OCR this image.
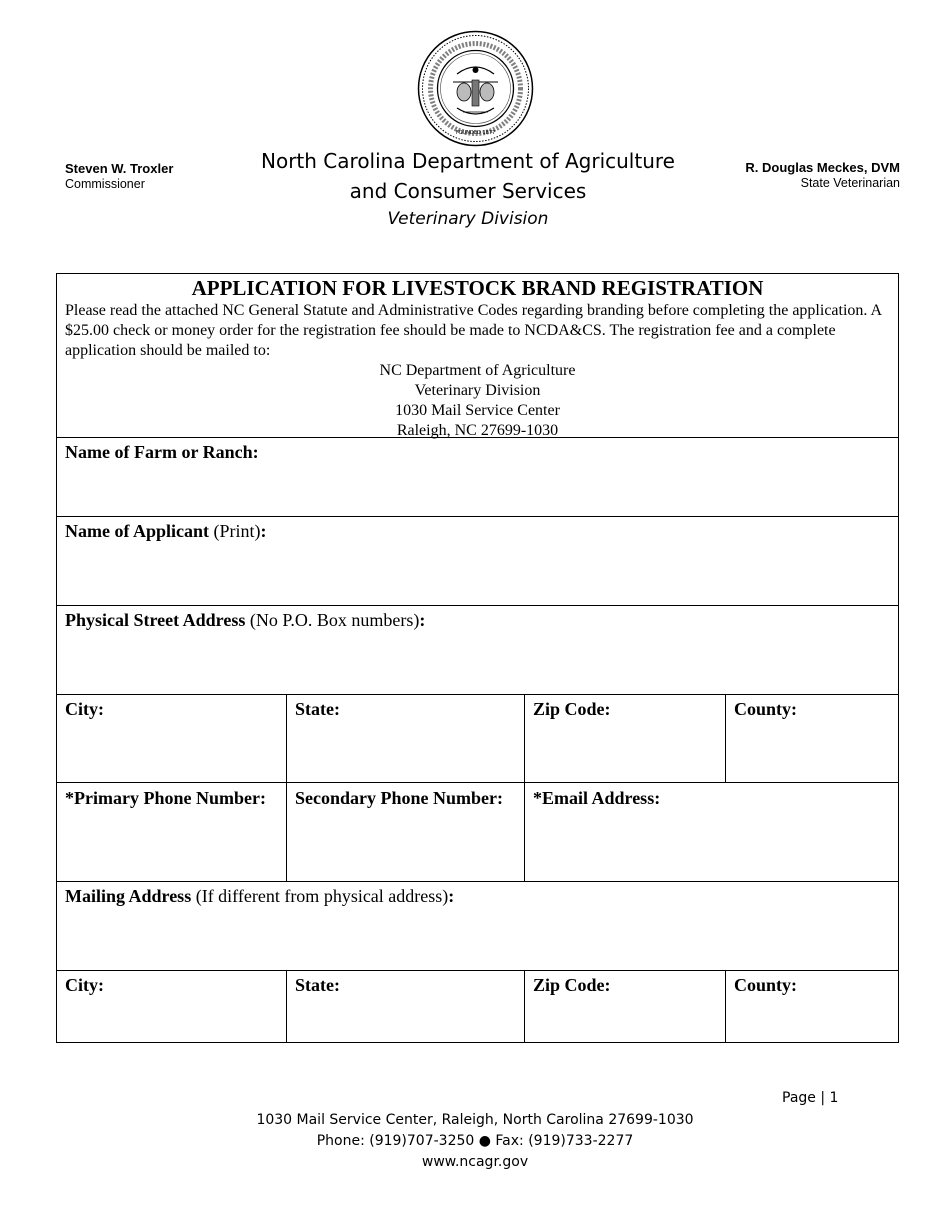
FOUNDED 1877
Steven W. Troxler
Commissioner
North Carolina Department of Agriculture
and Consumer Services
Veterinary Division
R. Douglas Meckes, DVM
State Veterinarian
APPLICATION FOR LIVESTOCK BRAND REGISTRATION
Please read the attached NC General Statute and Administrative Codes regarding branding before completing the application. A $25.00 check or money order for the registration fee should be made to NCDA&CS. The registration fee and a complete application should be mailed to:
NC Department of Agriculture
Veterinary Division
1030 Mail Service Center
Raleigh, NC 27699-1030
Name of Farm or Ranch:
Name of Applicant (Print):
Physical Street Address (No P.O. Box numbers):
City:	State:	Zip Code:	County:
*Primary Phone Number:	Secondary Phone Number:	*Email Address:
Mailing Address (If different from physical address):
City:	State:	Zip Code:	County:
Page | 1
1030 Mail Service Center, Raleigh, North Carolina 27699-1030
Phone: (919)707-3250 ● Fax: (919)733-2277
www.ncagr.gov
